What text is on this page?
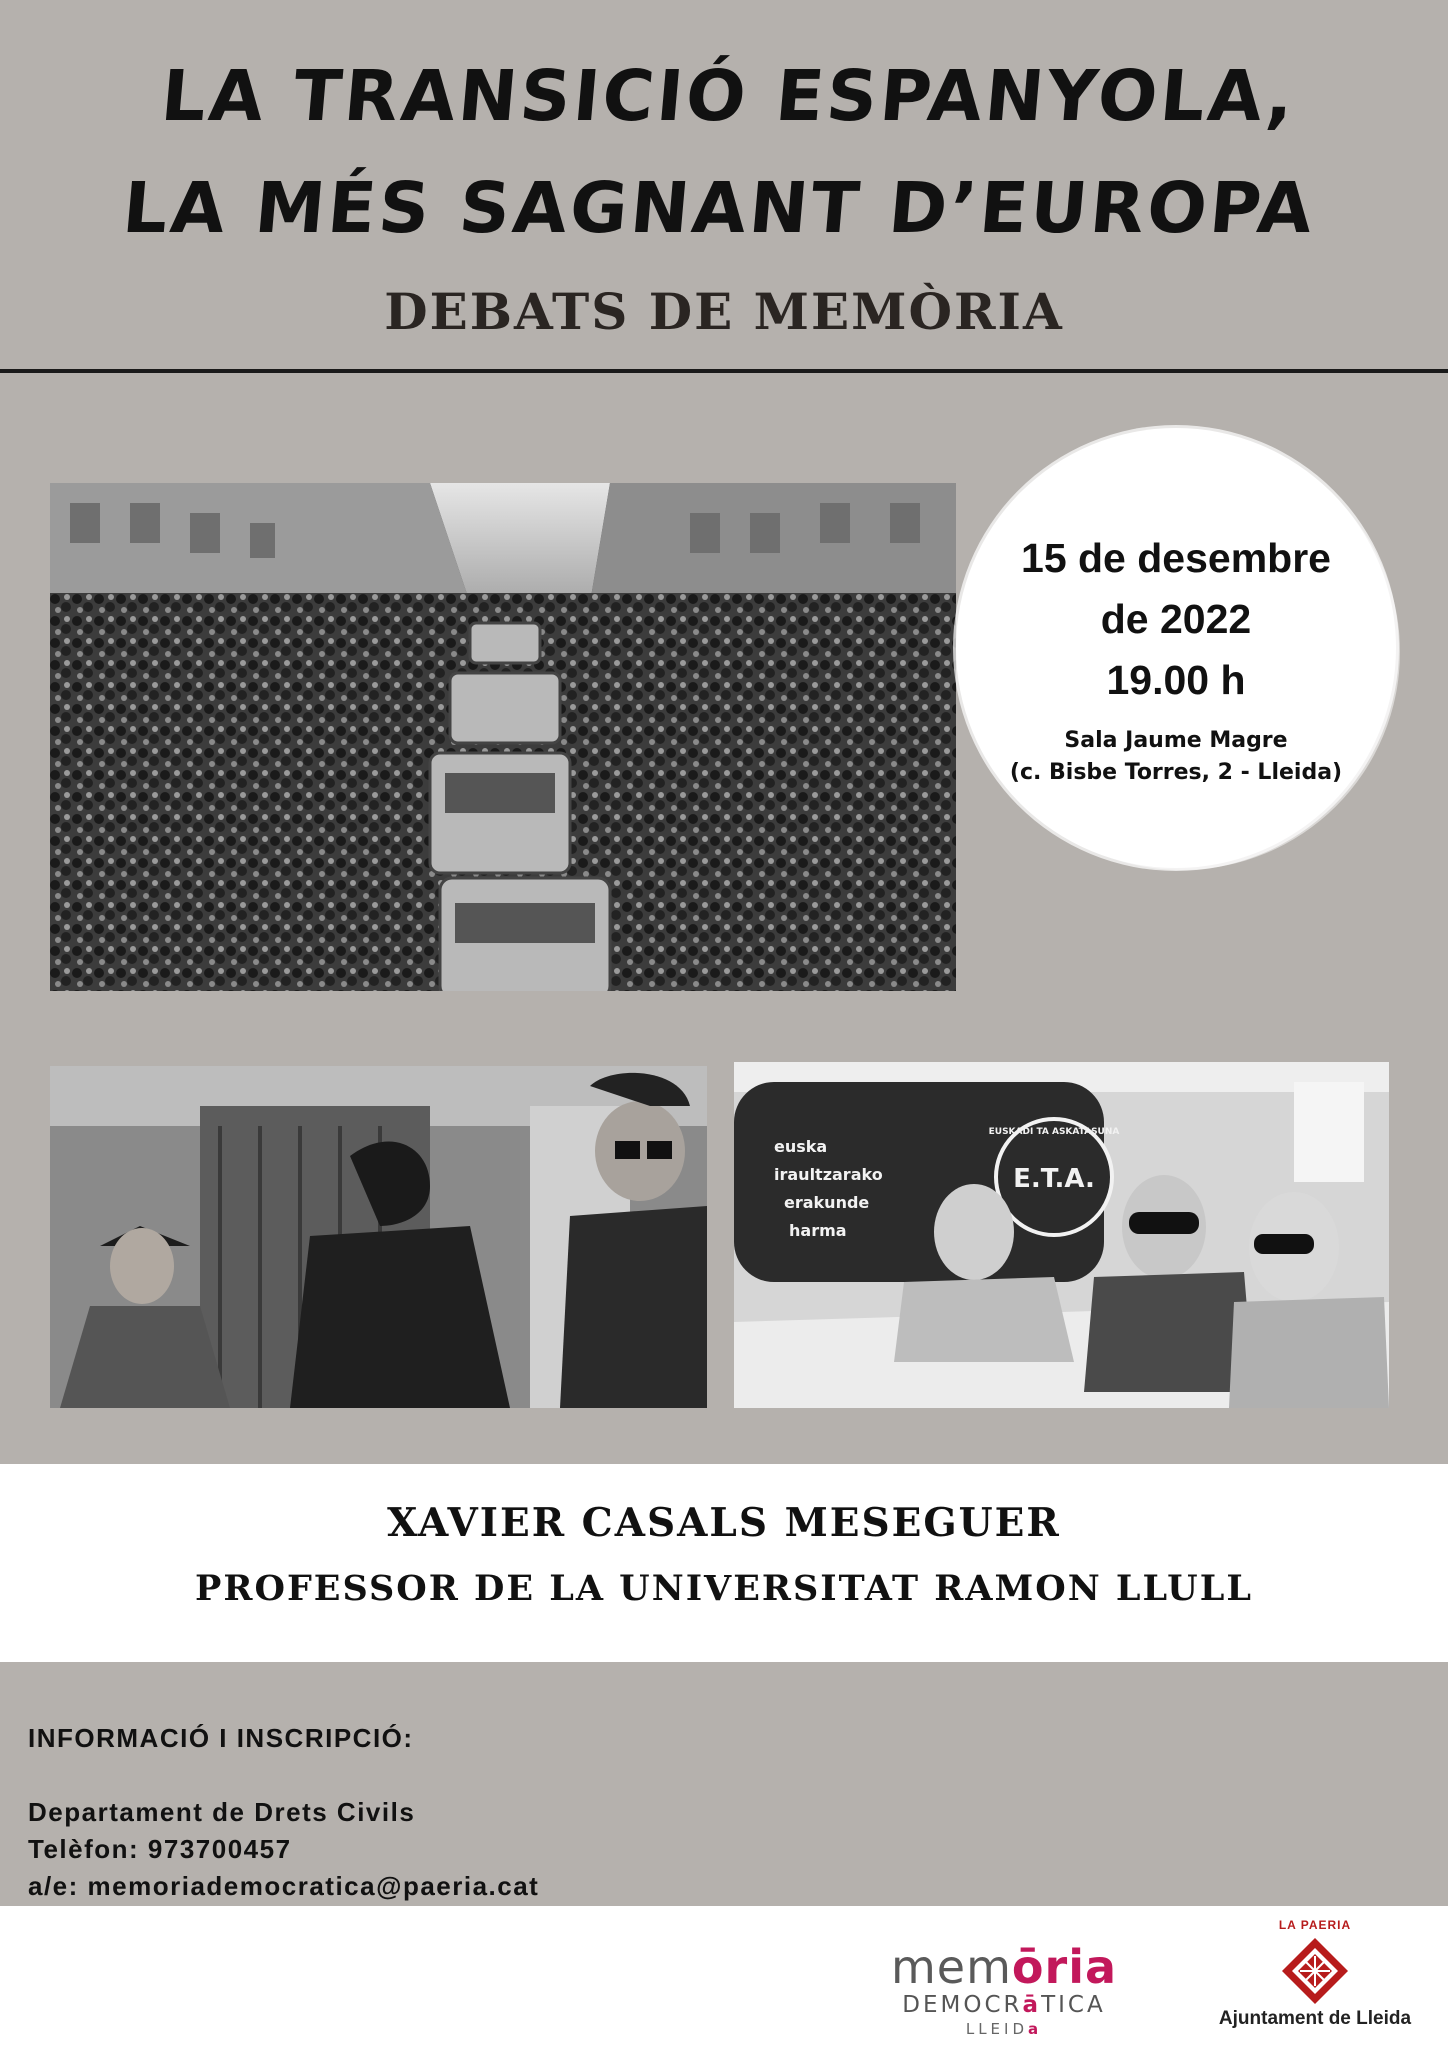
LA TRANSICIÓ ESPANYOLA,
LA MÉS SAGNANT D’EUROPA
DEBATS DE MEMÒRIA
15 de desembre
de 2022
19.00 h
Sala Jaume Magre
(c. Bisbe Torres, 2 - Lleida)
euska
iraultzarako
erakunde
harma
E.T.A.
EUSKADI TA ASKATASUNA
XAVIER CASALS MESEGUER
PROFESSOR DE LA UNIVERSITAT RAMON LLULL
INFORMACIÓ I INSCRIPCIÓ:
Departament de Drets Civils
Telèfon: 973700457
a/e: memoriademocratica@paeria.cat
memōria
DEMOCRāTICA
LLEIDa
LA PAERIA
Ajuntament de Lleida
